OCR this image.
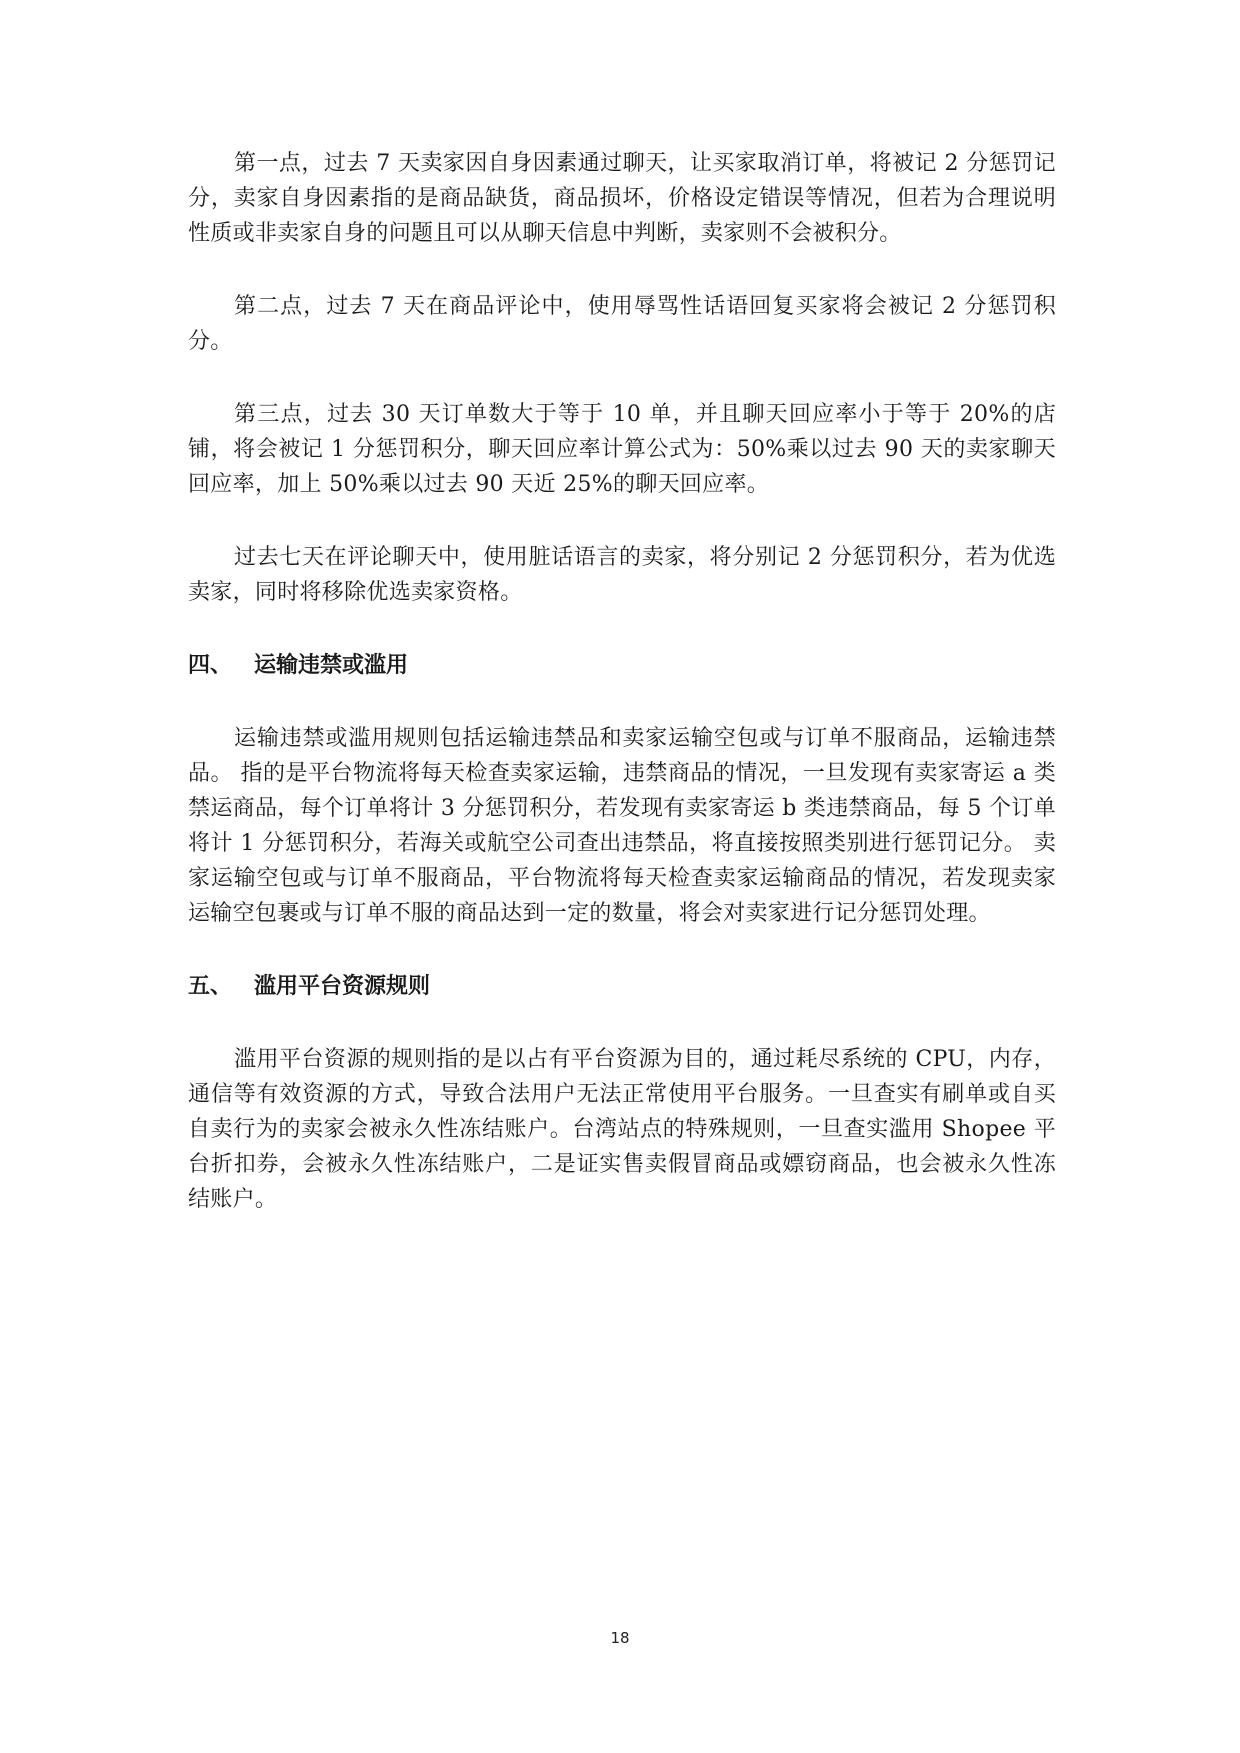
第一点，过去 7 天卖家因自身因素通过聊天，让买家取消订单，将被记 2 分惩罚记分，卖家自身因素指的是商品缺货，商品损坏，价格设定错误等情况，但若为合理说明性质或非卖家自身的问题且可以从聊天信息中判断，卖家则不会被积分。

第二点，过去 7 天在商品评论中，使用辱骂性话语回复买家将会被记 2 分惩罚积分。

第三点，过去 30 天订单数大于等于 10 单，并且聊天回应率小于等于 20%的店铺，将会被记 1 分惩罚积分，聊天回应率计算公式为：50%乘以过去 90 天的卖家聊天回应率，加上 50%乘以过去 90 天近 25%的聊天回应率。

过去七天在评论聊天中，使用脏话语言的卖家，将分别记 2 分惩罚积分，若为优选卖家，同时将移除优选卖家资格。

四、 运输违禁或滥用

运输违禁或滥用规则包括运输违禁品和卖家运输空包或与订单不服商品，运输违禁品。 指的是平台物流将每天检查卖家运输，违禁商品的情况，一旦发现有卖家寄运 a 类禁运商品，每个订单将计 3 分惩罚积分，若发现有卖家寄运 b 类违禁商品，每 5 个订单将计 1 分惩罚积分，若海关或航空公司查出违禁品，将直接按照类别进行惩罚记分。 卖家运输空包或与订单不服商品，平台物流将每天检查卖家运输商品的情况，若发现卖家运输空包裹或与订单不服的商品达到一定的数量，将会对卖家进行记分惩罚处理。

五、 滥用平台资源规则

滥用平台资源的规则指的是以占有平台资源为目的，通过耗尽系统的 CPU，内存，通信等有效资源的方式，导致合法用户无法正常使用平台服务。一旦查实有刷单或自买自卖行为的卖家会被永久性冻结账户。台湾站点的特殊规则，一旦查实滥用 Shopee 平台折扣券，会被永久性冻结账户，二是证实售卖假冒商品或嫖窃商品，也会被永久性冻结账户。

18
